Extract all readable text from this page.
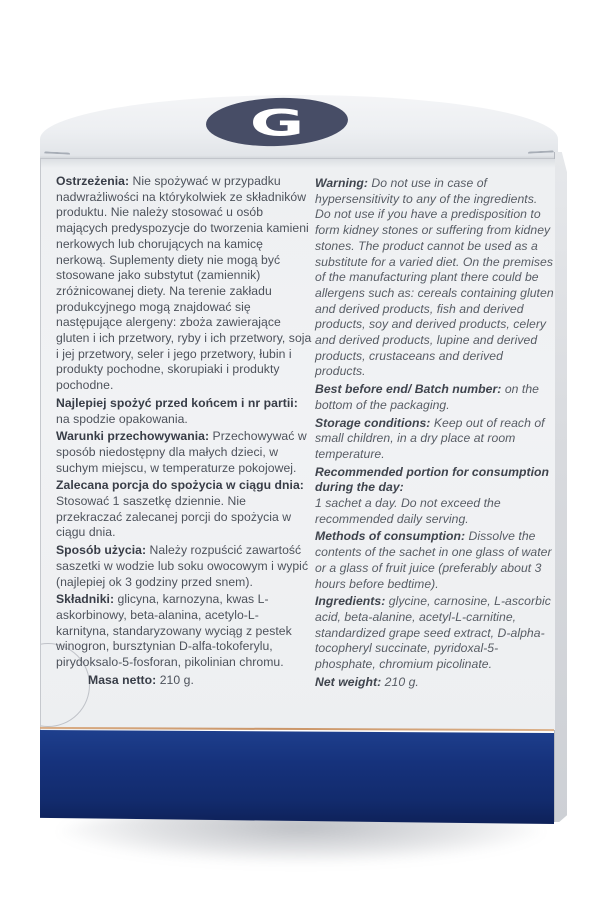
G

Ostrzeżenia: Nie spożywać w przypadku nadwrażliwości na którykolwiek ze składników produktu. Nie należy stosować u osób mających predyspozycje do tworzenia kamieni nerkowych lub chorujących na kamicę nerkową. Suplementy diety nie mogą być stosowane jako substytut (zamiennik) zróżnicowanej diety. Na terenie zakładu produkcyjnego mogą znajdować się następujące alergeny: zboża zawierające gluten i ich przetwory, ryby i ich przetwory, soja i jej przetwory, seler i jego przetwory, łubin i produkty pochodne, skorupiaki i produkty pochodne.

Najlepiej spożyć przed końcem i nr partii:
na spodzie opakowania.

Warunki przechowywania: Przechowywać w sposób niedostępny dla małych dzieci, w suchym miejscu, w temperaturze pokojowej.

Zalecana porcja do spożycia w ciągu dnia:
Stosować 1 saszetkę dziennie. Nie przekraczać zalecanej porcji do spożycia w ciągu dnia.

Sposób użycia: Należy rozpuścić zawartość saszetki w wodzie lub soku owocowym i wypić (najlepiej ok 3 godziny przed snem).

Składniki: glicyna, karnozyna, kwas L-askorbinowy, beta-alanina, acetylo-L-karnityna, standaryzowany wyciąg z pestek winogron, bursztynian D-alfa-tokoferylu, pirydoksalo-5-fosforan, pikolinian chromu.

Masa netto: 210 g.

Warning: Do not use in case of hypersensitivity to any of the ingredients. Do not use if you have a predisposition to form kidney stones or suffering from kidney stones. The product cannot be used as a substitute for a varied diet. On the premises of the manufacturing plant there could be allergens such as: cereals containing gluten and derived products, fish and derived products, soy and derived products, celery and derived products, lupine and derived products, crustaceans and derived products.

Best before end/ Batch number: on the bottom of the packaging.

Storage conditions: Keep out of reach of small children, in a dry place at room temperature.

Recommended portion for consumption during the day:
1 sachet a day. Do not exceed the recommended daily serving.

Methods of consumption: Dissolve the contents of the sachet in one glass of water or a glass of fruit juice (preferably about 3 hours before bedtime).

Ingredients: glycine, carnosine, L-ascorbic acid, beta-alanine, acetyl-L-carnitine, standardized grape seed extract, D-alpha-tocopheryl succinate, pyridoxal-5-phosphate, chromium picolinate.

Net weight: 210 g.
